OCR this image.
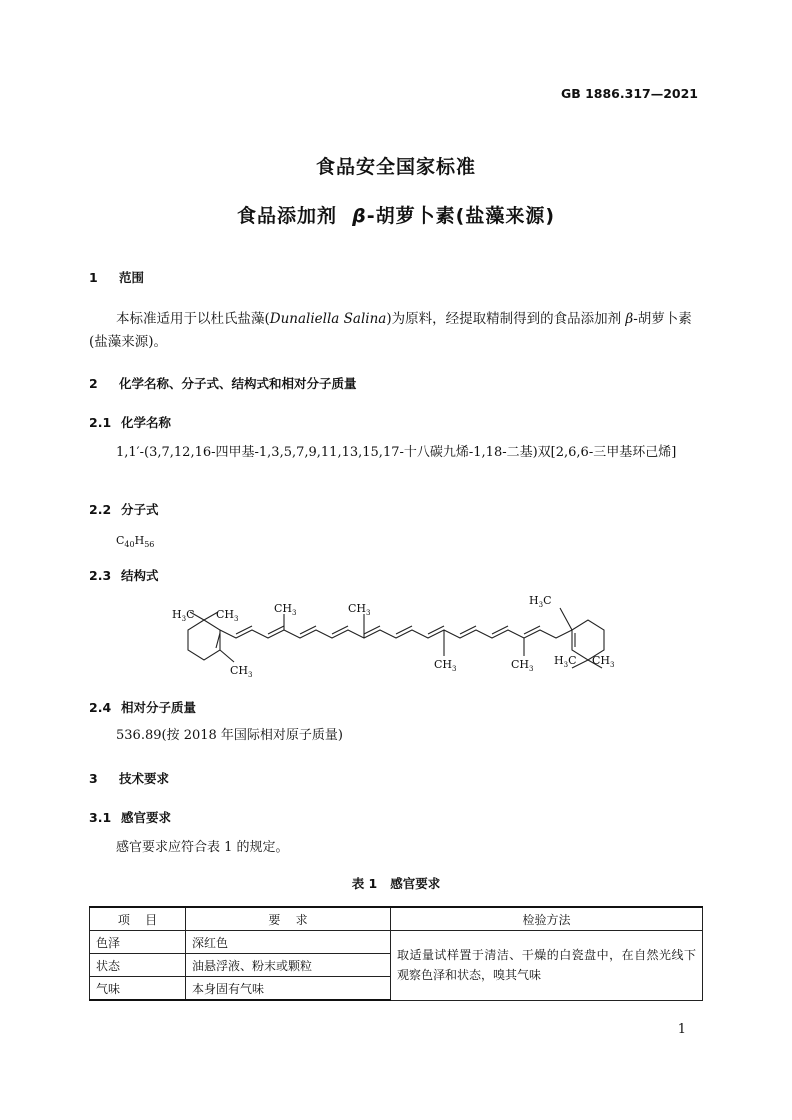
GB 1886.317—2021
食品安全国家标准
食品添加剂  β-胡萝卜素(盐藻来源)
1 范围
本标准适用于以杜氏盐藻(Dunaliella Salina)为原料，经提取精制得到的食品添加剂 β-胡萝卜素(盐藻来源)。
2 化学名称、分子式、结构式和相对分子质量
2.1 化学名称
1,1′-(3,7,12,16-四甲基-1,3,5,7,9,11,13,15,17-十八碳九烯-1,18-二基)双[2,6,6-三甲基环己烯]
2.2 分子式
$C_{40}H_{56}$
2.3 结构式
$H_3C$ $CH_3$
$CH_3$
$CH_3$	$CH_3$
$CH_3$	$CH_3$
$H_3C$
$H_3C$ $CH_3$
2.4 相对分子质量
536.89(按 2018 年国际相对原子质量)
3 技术要求
3.1 感官要求
感官要求应符合表 1 的规定。
表 1   感官要求
项    目	要    求	检验方法
色泽	深红色	取适量试样置于清洁、干燥的白瓷盘中，在自然光线下观察色泽和状态，嗅其气味
状态	油悬浮液、粉末或颗粒	
气味	本身固有气味	
1
